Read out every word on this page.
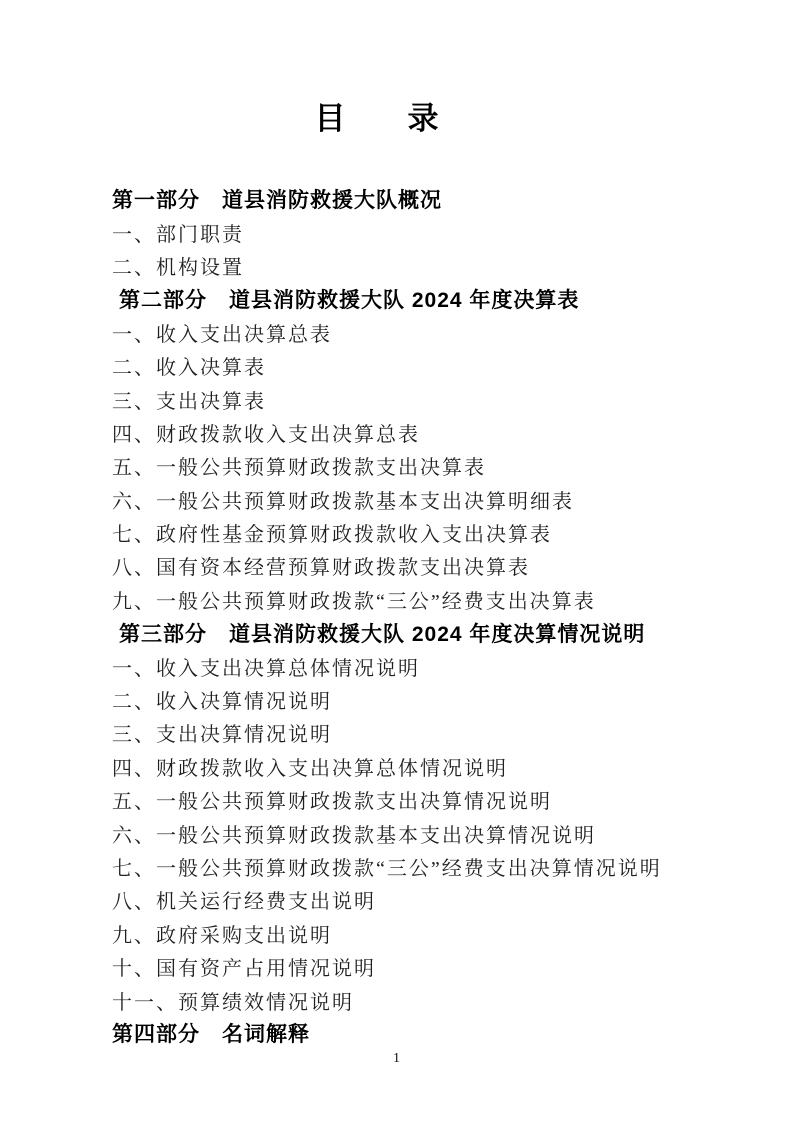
目　　录
第一部分　道县消防救援大队概况
一、部门职责
二、机构设置
第二部分　道县消防救援大队 2024 年度决算表
一、收入支出决算总表
二、收入决算表
三、支出决算表
四、财政拨款收入支出决算总表
五、一般公共预算财政拨款支出决算表
六、一般公共预算财政拨款基本支出决算明细表
七、政府性基金预算财政拨款收入支出决算表
八、国有资本经营预算财政拨款支出决算表
九、一般公共预算财政拨款“三公”经费支出决算表
第三部分　道县消防救援大队 2024 年度决算情况说明
一、收入支出决算总体情况说明
二、收入决算情况说明
三、支出决算情况说明
四、财政拨款收入支出决算总体情况说明
五、一般公共预算财政拨款支出决算情况说明
六、一般公共预算财政拨款基本支出决算情况说明
七、一般公共预算财政拨款“三公”经费支出决算情况说明
八、机关运行经费支出说明
九、政府采购支出说明
十、国有资产占用情况说明
十一、预算绩效情况说明
第四部分　名词解释
1
